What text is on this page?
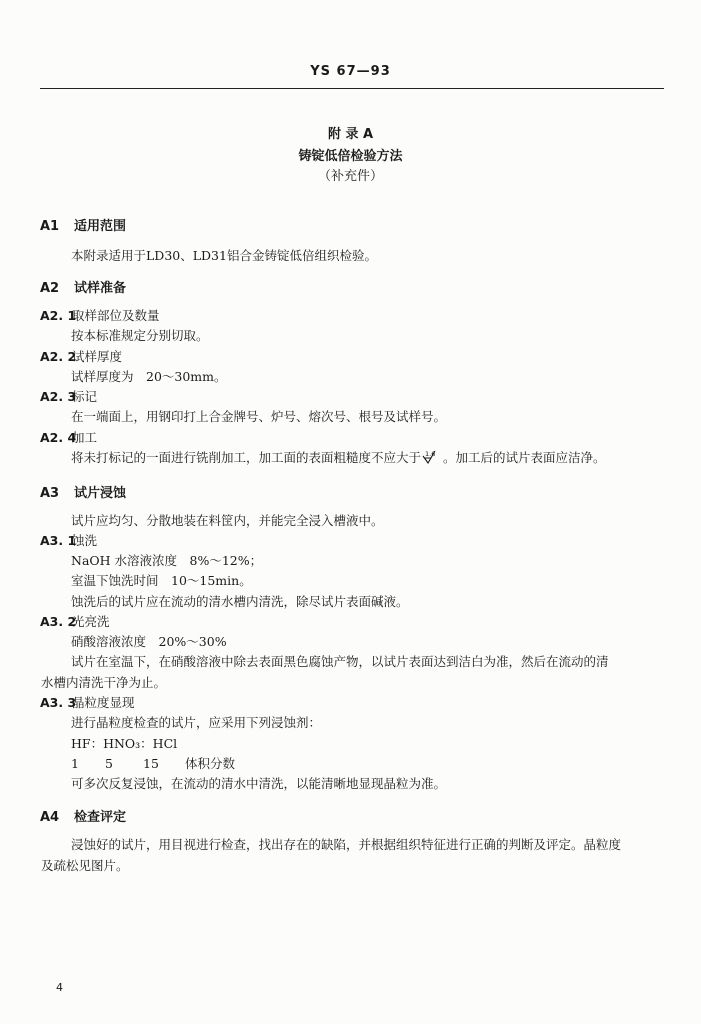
YS 67—93
附 录 A
铸锭低倍检验方法
（补充件）
A1 适用范围
本附录适用于LD30、LD31铝合金铸锭低倍组织检验。
A2 试样准备
A2. 1取样部位及数量
按本标准规定分别切取。
A2. 2试样厚度
试样厚度为　20～30mm。
A2. 3标记
在一端面上，用钢印打上合金牌号、炉号、熔次号、根号及试样号。
A2. 4加工
将未打标记的一面进行铣削加工，加工面的表面粗糙度不应大于 1.6 。加工后的试片表面应洁净。
A3 试片浸蚀
试片应均匀、分散地装在料筐内，并能完全浸入槽液中。
A3. 1蚀洗
NaOH 水溶液浓度　8%～12%；
室温下蚀洗时间　10～15min。
蚀洗后的试片应在流动的清水槽内清洗，除尽试片表面碱液。
A3. 2光亮洗
硝酸溶液浓度　20%～30%
试片在室温下，在硝酸溶液中除去表面黑色腐蚀产物，以试片表面达到洁白为准，然后在流动的清
水槽内清洗干净为止。
A3. 3晶粒度显现
进行晶粒度检查的试片，应采用下列浸蚀剂：
HF：HNO₃：HCl
1 5 15 体积分数
可多次反复浸蚀，在流动的清水中清洗，以能清晰地显现晶粒为准。
A4 检查评定
浸蚀好的试片，用目视进行检查，找出存在的缺陷，并根据组织特征进行正确的判断及评定。晶粒度
及疏松见图片。
4
